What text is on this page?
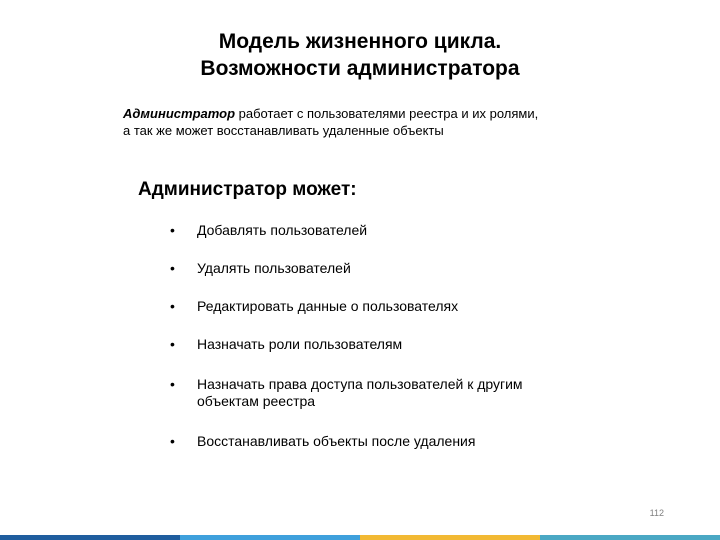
Модель жизненного цикла.
Возможности администратора
Администратор работает с пользователями реестра и их ролями,
а так же может восстанавливать удаленные объекты
Администратор может:
•	Добавлять пользователей
•	Удалять пользователей
•	Редактировать данные о пользователях
•	Назначать роли пользователям
•	Назначать права доступа пользователей к другим
объектам реестра
•	Восстанавливать объекты после удаления
112
